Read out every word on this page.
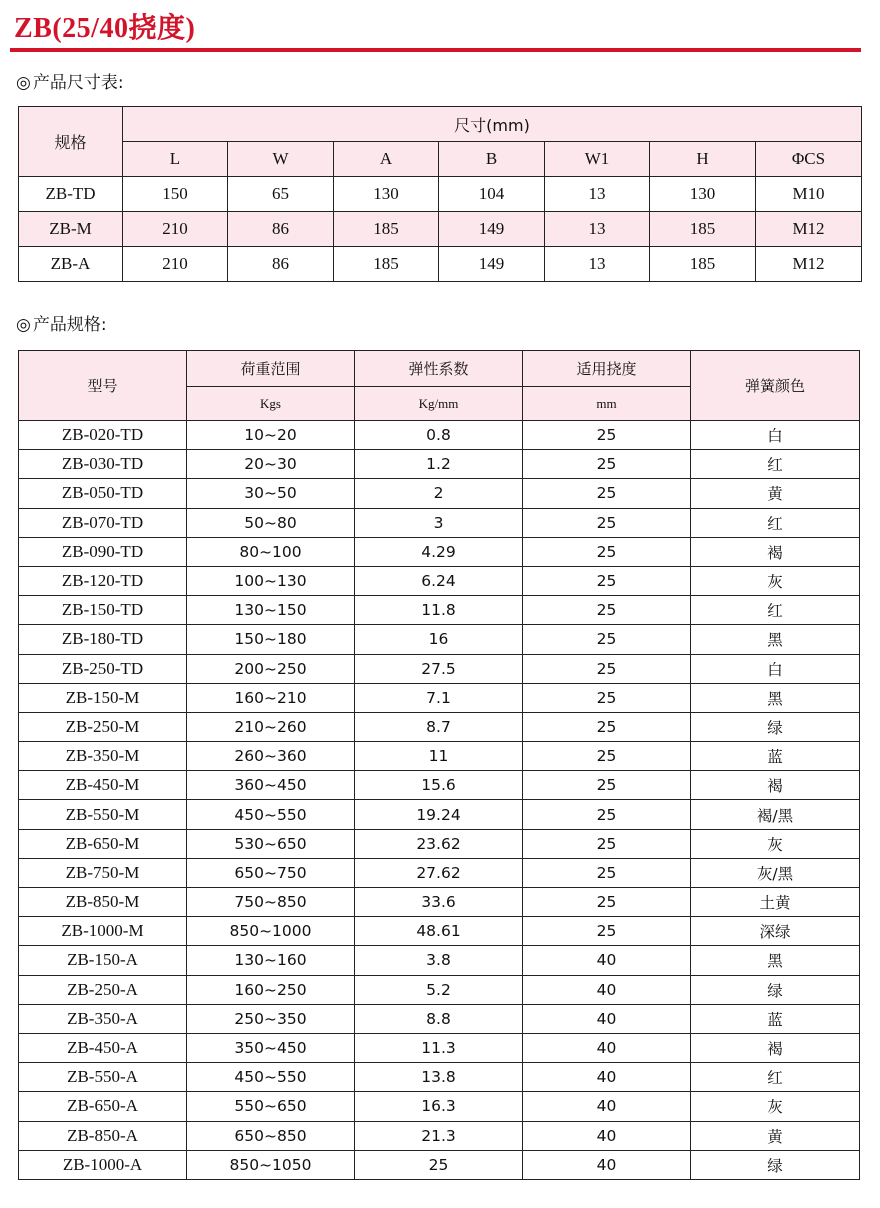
ZB(25/40挠度)
◎ 产品尺寸表:
规格	尺寸(mm)						
	L	W	A	B	W1	H	ΦCS
ZB-TD	150	65	130	104	13	130	M10
ZB-M	210	86	185	149	13	185	M12
ZB-A	210	86	185	149	13	185	M12
◎ 产品规格:
型号	荷重范围	弹性系数	适用挠度	弹簧颜色
	Kgs	Kg/mm	mm	
ZB-020-TD	10~20	0.8	25	白
ZB-030-TD	20~30	1.2	25	红
ZB-050-TD	30~50	2	25	黄
ZB-070-TD	50~80	3	25	红
ZB-090-TD	80~100	4.29	25	褐
ZB-120-TD	100~130	6.24	25	灰
ZB-150-TD	130~150	11.8	25	红
ZB-180-TD	150~180	16	25	黑
ZB-250-TD	200~250	27.5	25	白
ZB-150-M	160~210	7.1	25	黑
ZB-250-M	210~260	8.7	25	绿
ZB-350-M	260~360	11	25	蓝
ZB-450-M	360~450	15.6	25	褐
ZB-550-M	450~550	19.24	25	褐/黑
ZB-650-M	530~650	23.62	25	灰
ZB-750-M	650~750	27.62	25	灰/黑
ZB-850-M	750~850	33.6	25	土黄
ZB-1000-M	850~1000	48.61	25	深绿
ZB-150-A	130~160	3.8	40	黑
ZB-250-A	160~250	5.2	40	绿
ZB-350-A	250~350	8.8	40	蓝
ZB-450-A	350~450	11.3	40	褐
ZB-550-A	450~550	13.8	40	红
ZB-650-A	550~650	16.3	40	灰
ZB-850-A	650~850	21.3	40	黄
ZB-1000-A	850~1050	25	40	绿
